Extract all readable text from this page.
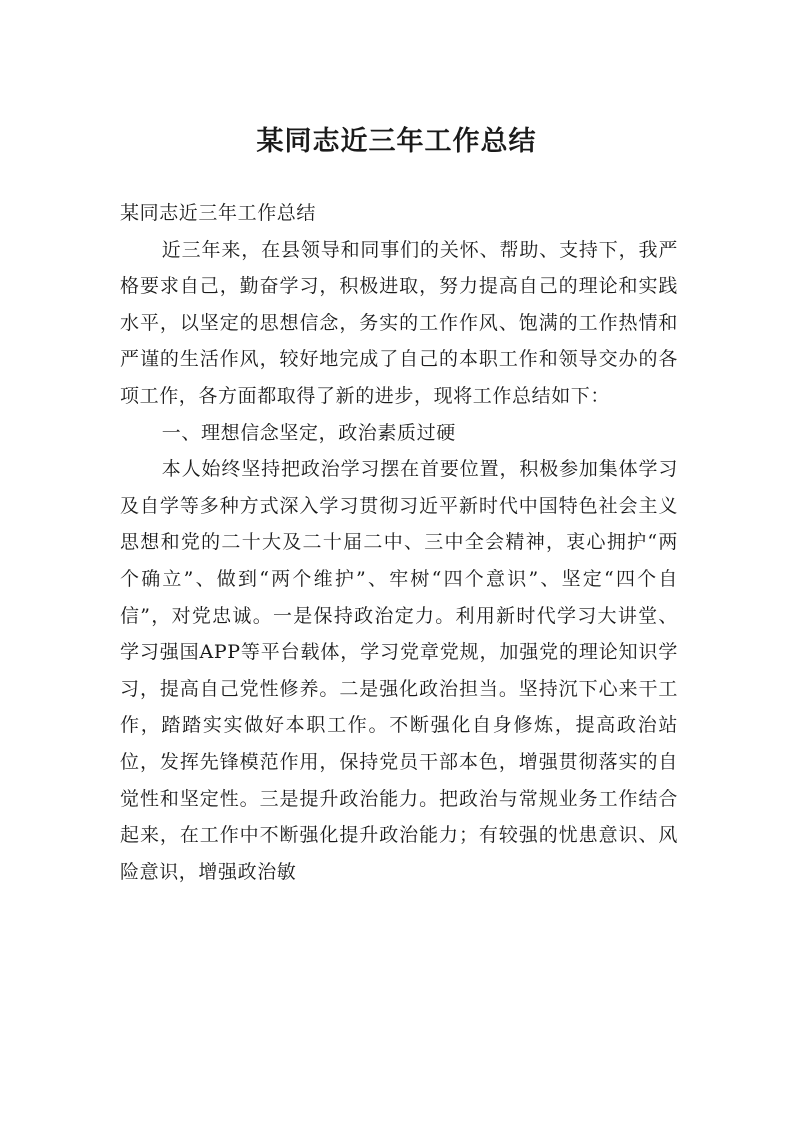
某同志近三年工作总结

某同志近三年工作总结

近三年来，在县领导和同事们的关怀、帮助、支持下，我严格要求自己，勤奋学习，积极进取，努力提高自己的理论和实践水平，以坚定的思想信念，务实的工作作风、饱满的工作热情和严谨的生活作风，较好地完成了自己的本职工作和领导交办的各项工作，各方面都取得了新的进步，现将工作总结如下：

一、理想信念坚定，政治素质过硬

本人始终坚持把政治学习摆在首要位置，积极参加集体学习及自学等多种方式深入学习贯彻习近平新时代中国特色社会主义思想和党的二十大及二十届二中、三中全会精神，衷心拥护“两个确立”、做到“两个维护”、牢树“四个意识”、坚定“四个自信”，对党忠诚。一是保持政治定力。利用新时代学习大讲堂、学习强国APP等平台载体，学习党章党规，加强党的理论知识学习，提高自己党性修养。二是强化政治担当。坚持沉下心来干工作，踏踏实实做好本职工作。不断强化自身修炼，提高政治站位，发挥先锋模范作用，保持党员干部本色，增强贯彻落实的自觉性和坚定性。三是提升政治能力。把政治与常规业务工作结合起来，在工作中不断强化提升政治能力；有较强的忧患意识、风险意识，增强政治敏
